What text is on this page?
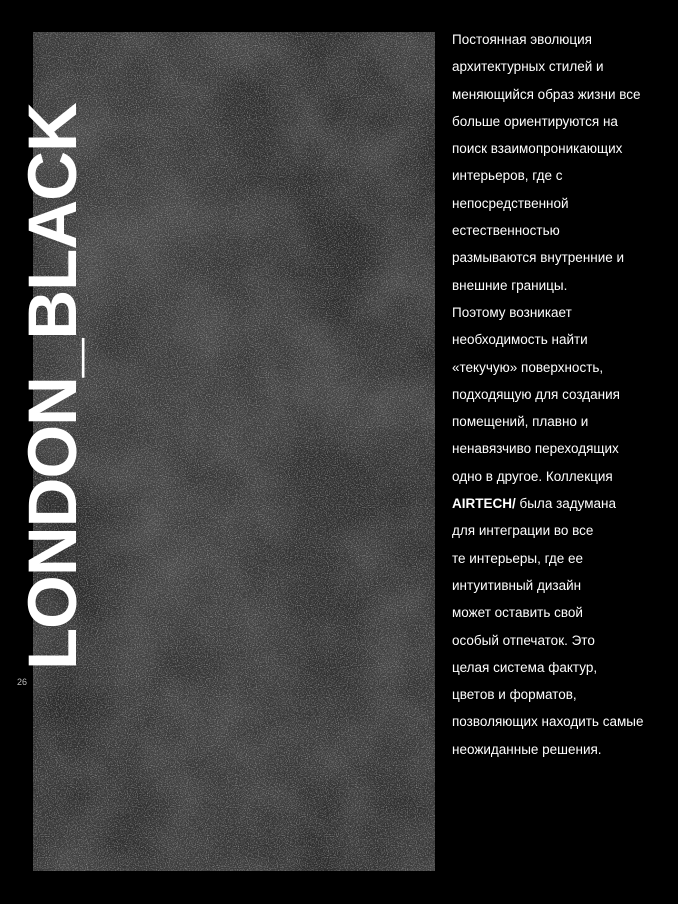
LONDON_BLACK
26
Постоянная эволюция
архитектурных стилей и
меняющийся образ жизни все
больше ориентируются на
поиск взаимопроникающих
интерьеров, где с
непосредственной
естественностью
размываются внутренние и
внешние границы.
Поэтому возникает
необходимость найти
«текучую» поверхность,
подходящую для создания
помещений, плавно и
ненавязчиво переходящих
одно в другое. Коллекция
AIRTECH/ была задумана
для интеграции во все
те интерьеры, где ее
интуитивный дизайн
может оставить свой
особый отпечаток. Это
целая система фактур,
цветов и форматов,
позволяющих находить самые
неожиданные решения.
